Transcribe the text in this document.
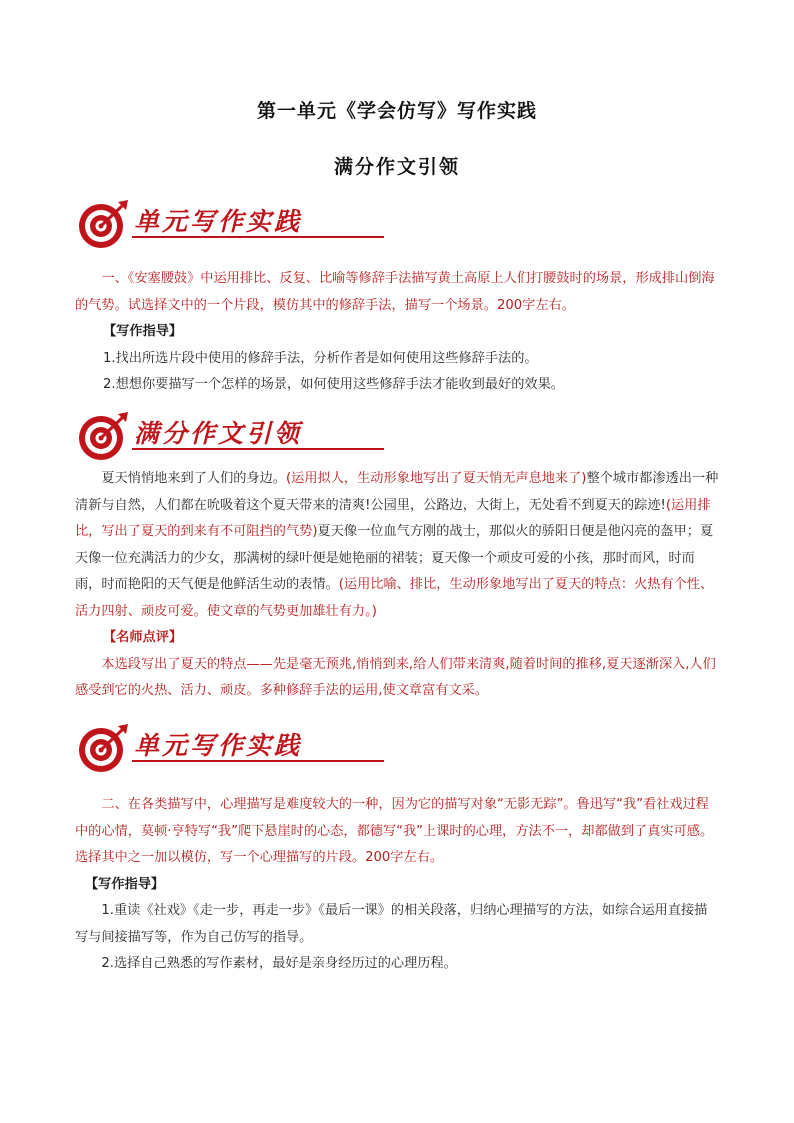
第一单元《学会仿写》写作实践
满分作文引领
单元写作实践

一、《安塞腰鼓》中运用排比、反复、比喻等修辞手法描写黄土高原上人们打腰鼓时的场景，形成排山倒海的气势。试选择文中的一个片段，模仿其中的修辞手法，描写一个场景。200字左右。

【写作指导】

1.找出所选片段中使用的修辞手法，分析作者是如何使用这些修辞手法的。

2.想想你要描写一个怎样的场景，如何使用这些修辞手法才能收到最好的效果。

满分作文引领

夏天悄悄地来到了人们的身边。(运用拟人，生动形象地写出了夏天悄无声息地来了)整个城市都渗透出一种清新与自然，人们都在吮吸着这个夏天带来的清爽!公园里，公路边，大街上，无处看不到夏天的踪迹!(运用排比，写出了夏天的到来有不可阻挡的气势)夏天像一位血气方刚的战士，那似火的骄阳日便是他闪亮的盔甲；夏天像一位充满活力的少女，那满树的绿叶便是她艳丽的裙装；夏天像一个顽皮可爱的小孩，那时而风，时而雨，时而艳阳的天气便是他鲜活生动的表情。(运用比喻、排比，生动形象地写出了夏天的特点：火热有个性、活力四射、顽皮可爱。使文章的气势更加雄壮有力。)

【名师点评】

本选段写出了夏天的特点——先是毫无预兆,悄悄到来,给人们带来清爽,随着时间的推移,夏天逐渐深入,人们感受到它的火热、活力、顽皮。多种修辞手法的运用,使文章富有文采。

单元写作实践

二、在各类描写中，心理描写是难度较大的一种，因为它的描写对象“无影无踪”。鲁迅写“我”看社戏过程中的心情，莫顿·亨特写“我”爬下悬崖时的心态，都德写“我”上课时的心理，方法不一，却都做到了真实可感。选择其中之一加以模仿，写一个心理描写的片段。200字左右。

【写作指导】

1.重读《社戏》《走一步，再走一步》《最后一课》的相关段落，归纳心理描写的方法，如综合运用直接描写与间接描写等，作为自己仿写的指导。

2.选择自己熟悉的写作素材，最好是亲身经历过的心理历程。
